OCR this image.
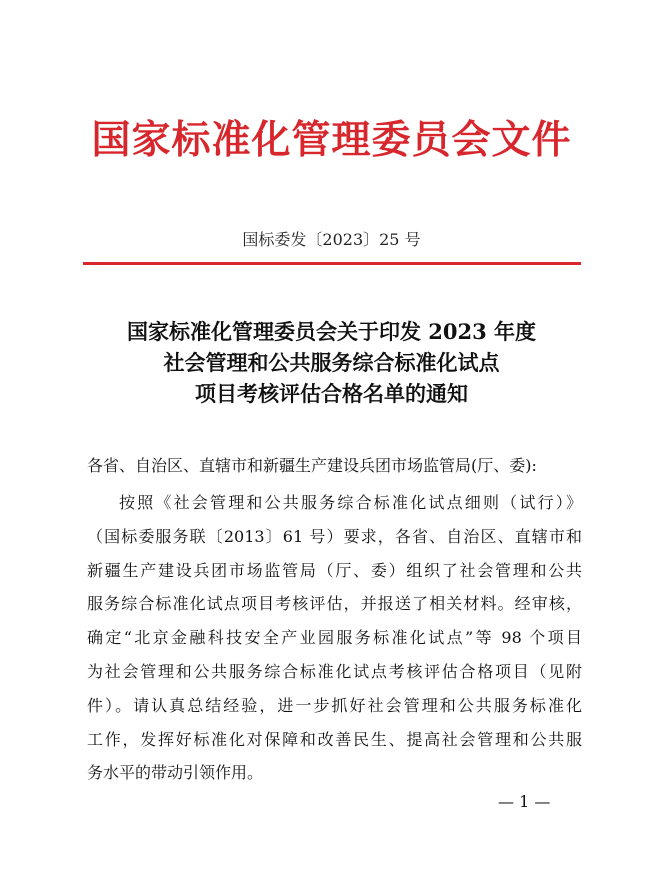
国家标准化管理委员会文件
国标委发〔2023〕25 号
国家标准化管理委员会关于印发 2023 年度
社会管理和公共服务综合标准化试点
项目考核评估合格名单的通知
各省、自治区、直辖市和新疆生产建设兵团市场监管局(厅、委):
按照《社会管理和公共服务综合标准化试点细则（试行）》
（国标委服务联〔2013〕61 号）要求，各省、自治区、直辖市和
新疆生产建设兵团市场监管局（厅、委）组织了社会管理和公共
服务综合标准化试点项目考核评估，并报送了相关材料。经审核，
确定“北京金融科技安全产业园服务标准化试点”等 98 个项目
为社会管理和公共服务综合标准化试点考核评估合格项目（见附
件）。请认真总结经验，进一步抓好社会管理和公共服务标准化
工作，发挥好标准化对保障和改善民生、提高社会管理和公共服
务水平的带动引领作用。
— 1 —
